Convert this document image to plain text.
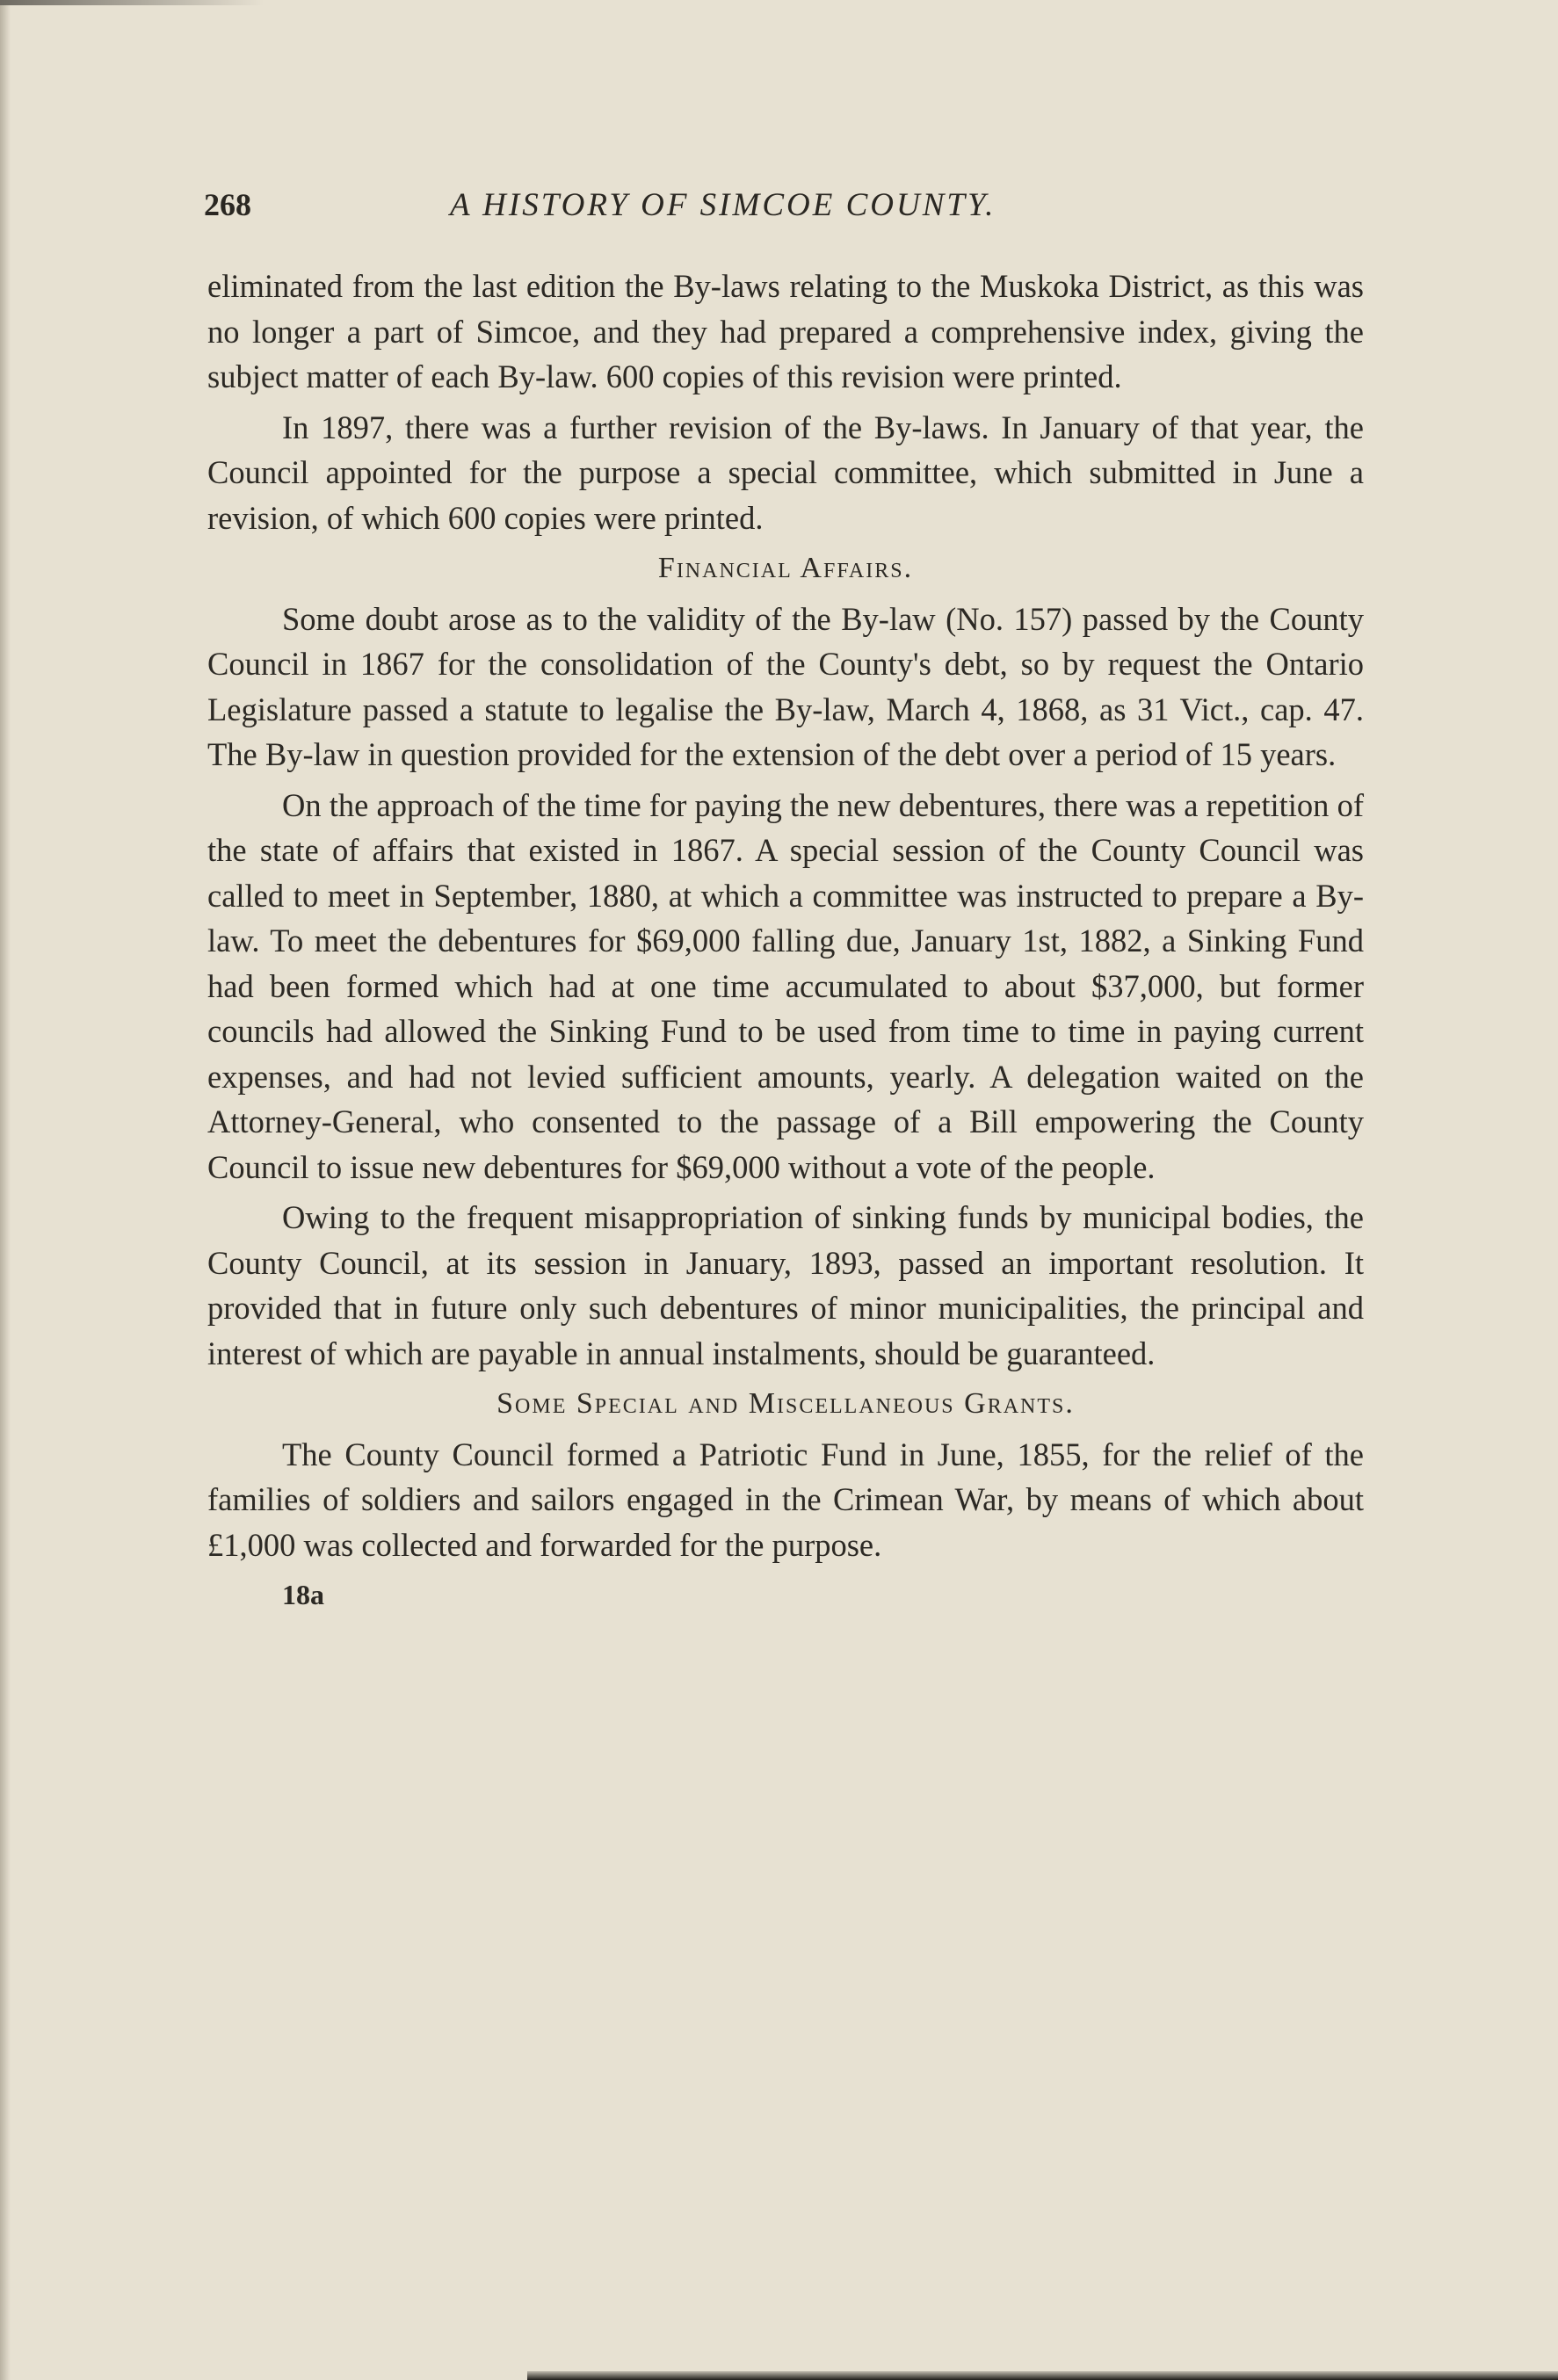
268	A HISTORY OF SIMCOE COUNTY.

eliminated from the last edition the By-laws relating to the Muskoka District, as this was no longer a part of Simcoe, and they had prepared a comprehensive index, giving the subject matter of each By-law. 600 copies of this revision were printed.

In 1897, there was a further revision of the By-laws. In January of that year, the Council appointed for the purpose a special committee, which submitted in June a revision, of which 600 copies were printed.

Financial Affairs.

Some doubt arose as to the validity of the By-law (No. 157) passed by the County Council in 1867 for the consolidation of the County's debt, so by request the Ontario Legislature passed a statute to legalise the By-law, March 4, 1868, as 31 Vict., cap. 47. The By-law in question provided for the extension of the debt over a period of 15 years.

On the approach of the time for paying the new debentures, there was a repetition of the state of affairs that existed in 1867. A special session of the County Council was called to meet in September, 1880, at which a committee was instructed to prepare a By-law. To meet the debentures for $69,000 falling due, January 1st, 1882, a Sinking Fund had been formed which had at one time accumulated to about $37,000, but former councils had allowed the Sinking Fund to be used from time to time in paying current expenses, and had not levied sufficient amounts, yearly. A delegation waited on the Attorney-General, who consented to the passage of a Bill empowering the County Council to issue new debentures for $69,000 without a vote of the people.

Owing to the frequent misappropriation of sinking funds by municipal bodies, the County Council, at its session in January, 1893, passed an important resolution. It provided that in future only such debentures of minor municipalities, the principal and interest of which are payable in annual instalments, should be guaranteed.

Some Special and Miscellaneous Grants.

The County Council formed a Patriotic Fund in June, 1855, for the relief of the families of soldiers and sailors engaged in the Crimean War, by means of which about £1,000 was collected and forwarded for the purpose.

18a
